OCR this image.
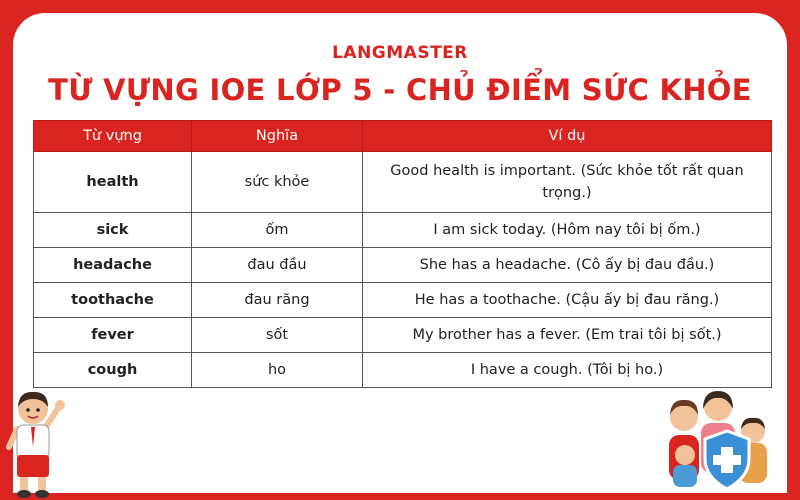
LANGMASTER
TỪ VỰNG IOE LỚP 5 - CHỦ ĐIỂM SỨC KHỎE
Từ vựng	Nghĩa	Ví dụ
health	sức khỏe	Good health is important. (Sức khỏe tốt rất quan trọng.)
sick	ốm	I am sick today. (Hôm nay tôi bị ốm.)
headache	đau đầu	She has a headache. (Cô ấy bị đau đầu.)
toothache	đau răng	He has a toothache. (Cậu ấy bị đau răng.)
fever	sốt	My brother has a fever. (Em trai tôi bị sốt.)
cough	ho	I have a cough. (Tôi bị ho.)
